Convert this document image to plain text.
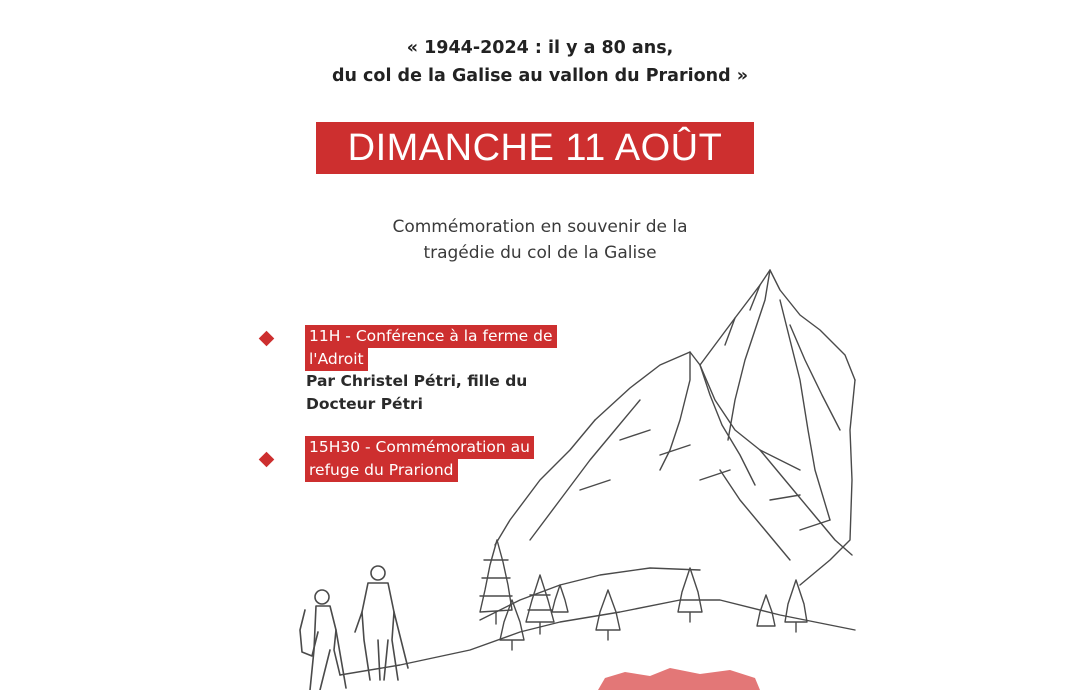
« 1944-2024 : il y a 80 ans,
du col de la Galise au vallon du Prariond »
DIMANCHE 11 AOÛT
Commémoration en souvenir de la
tragédie du col de la Galise
11H - Conférence à la ferme de
l'Adroit
Par Christel Pétri, fille du
Docteur Pétri
15H30 - Commémoration au
refuge du Prariond
